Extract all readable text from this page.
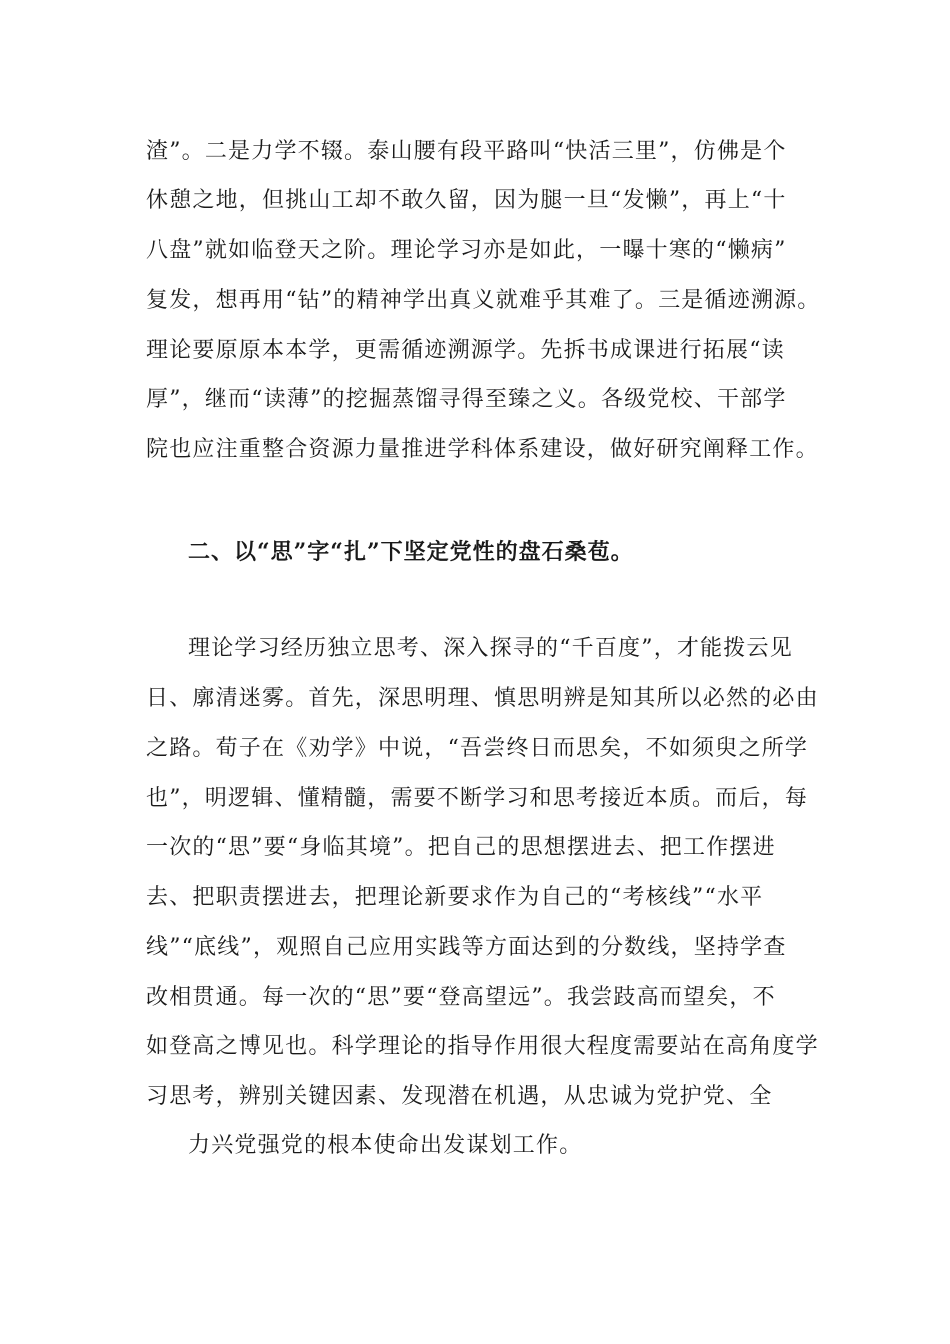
渣”。二是力学不辍。泰山腰有段平路叫“快活三里”，仿佛是个
休憩之地，但挑山工却不敢久留，因为腿一旦“发懒”，再上“十
八盘”就如临登天之阶。理论学习亦是如此，一曝十寒的“懒病”
复发，想再用“钻”的精神学出真义就难乎其难了。三是循迹溯源。
理论要原原本本学，更需循迹溯源学。先拆书成课进行拓展“读
厚”，继而“读薄”的挖掘蒸馏寻得至臻之义。各级党校、干部学
院也应注重整合资源力量推进学科体系建设，做好研究阐释工作。
二、以“思”字“扎”下坚定党性的盘石桑苞。
理论学习经历独立思考、深入探寻的“千百度”，才能拨云见
日、廓清迷雾。首先，深思明理、慎思明辨是知其所以必然的必由
之路。荀子在《劝学》中说，“吾尝终日而思矣，不如须臾之所学
也”，明逻辑、懂精髓，需要不断学习和思考接近本质。而后，每
一次的“思”要“身临其境”。把自己的思想摆进去、把工作摆进
去、把职责摆进去，把理论新要求作为自己的“考核线”“水平
线”“底线”，观照自己应用实践等方面达到的分数线，坚持学查
改相贯通。每一次的“思”要“登高望远”。我尝跂高而望矣，不
如登高之博见也。科学理论的指导作用很大程度需要站在高角度学
习思考，辨别关键因素、发现潜在机遇，从忠诚为党护党、全
力兴党强党的根本使命出发谋划工作。
